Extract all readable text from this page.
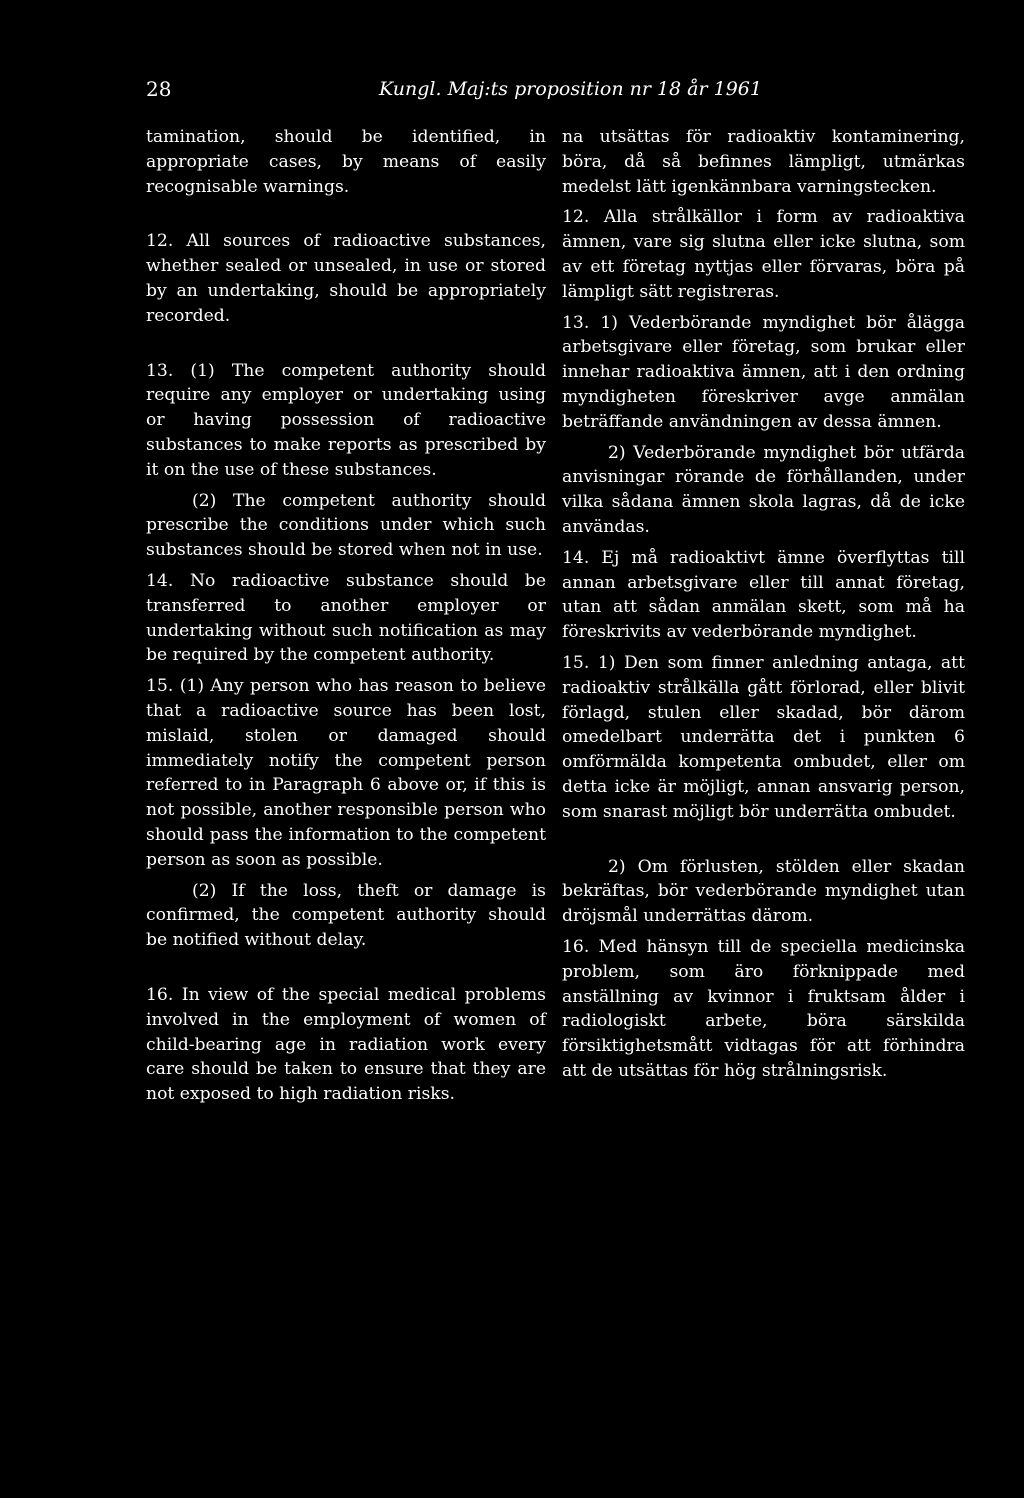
28	Kungl. Maj:ts proposition nr 18 år 1961

tamination, should be identified, in appropriate cases, by means of easily recognisable warnings.

12. All sources of radioactive substances, whether sealed or unsealed, in use or stored by an undertaking, should be appropriately recorded.

13. (1) The competent authority should require any employer or undertaking using or having possession of radioactive substances to make reports as prescribed by it on the use of these substances.

(2) The competent authority should prescribe the conditions under which such substances should be stored when not in use.

14. No radioactive substance should be transferred to another employer or undertaking without such notification as may be required by the competent authority.

15. (1) Any person who has reason to believe that a radioactive source has been lost, mislaid, stolen or damaged should immediately notify the competent person referred to in Paragraph 6 above or, if this is not possible, another responsible person who should pass the information to the competent person as soon as possible.

(2) If the loss, theft or damage is confirmed, the competent authority should be notified without delay.

16. In view of the special medical problems involved in the employment of women of child-bearing age in radiation work every care should be taken to ensure that they are not exposed to high radiation risks.

na utsättas för radioaktiv kontaminering, böra, då så befinnes lämpligt, utmärkas medelst lätt igenkännbara varningstecken.

12. Alla strålkällor i form av radioaktiva ämnen, vare sig slutna eller icke slutna, som av ett företag nyttjas eller förvaras, böra på lämpligt sätt registreras.

13. 1) Vederbörande myndighet bör ålägga arbetsgivare eller företag, som brukar eller innehar radioaktiva ämnen, att i den ordning myndigheten föreskriver avge anmälan beträffande användningen av dessa ämnen.

2) Vederbörande myndighet bör utfärda anvisningar rörande de förhållanden, under vilka sådana ämnen skola lagras, då de icke användas.

14. Ej må radioaktivt ämne överflyttas till annan arbetsgivare eller till annat företag, utan att sådan anmälan skett, som må ha föreskrivits av vederbörande myndighet.

15. 1) Den som finner anledning antaga, att radioaktiv strålkälla gått förlorad, eller blivit förlagd, stulen eller skadad, bör därom omedelbart underrätta det i punkten 6 omförmälda kompetenta ombudet, eller om detta icke är möjligt, annan ansvarig person, som snarast möjligt bör underrätta ombudet.

2) Om förlusten, stölden eller skadan bekräftas, bör vederbörande myndighet utan dröjsmål underrättas därom.

16. Med hänsyn till de speciella medicinska problem, som äro förknippade med anställning av kvinnor i fruktsam ålder i radiologiskt arbete, böra särskilda försiktighetsmått vidtagas för att förhindra att de utsättas för hög strålningsrisk.
